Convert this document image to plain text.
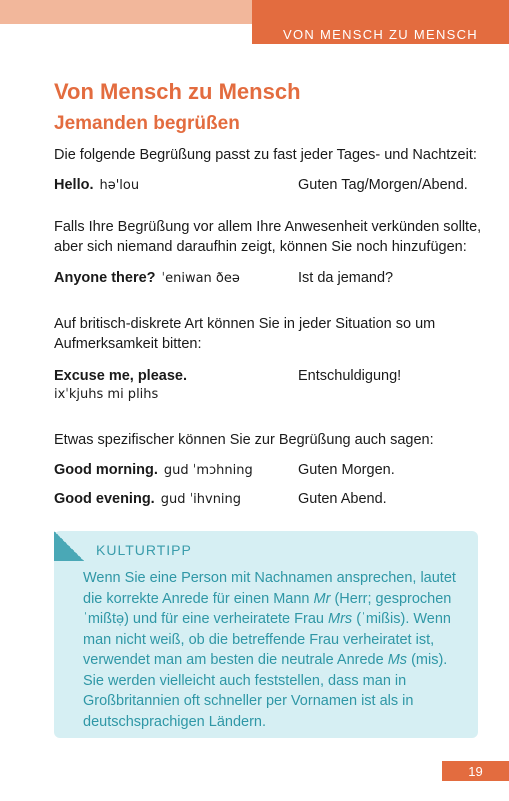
VON MENSCH ZU MENSCH
Von Mensch zu Mensch
Jemanden begrüßen

Die folgende Begrüßung passt zu fast jeder Tages- und Nachtzeit:

Hello. hə'lou	Guten Tag/Morgen/Abend.

Falls Ihre Begrüßung vor allem Ihre Anwesenheit verkünden sollte, aber sich niemand daraufhin zeigt, können Sie noch hinzufügen:

Anyone there? ˈeniwan ðeə	Ist da jemand?

Auf britisch-diskrete Art können Sie in jeder Situation so um Aufmerksamkeit bitten:

Excuse me, please.	Entschuldigung!
ixˈkjuhs mi plihs

Etwas spezifischer können Sie zur Begrüßung auch sagen:

Good morning. gud ˈmɔhning	Guten Morgen.
Good evening. gud ˈihvning	Guten Abend.
KULTURTIPP

Wenn Sie eine Person mit Nachnamen ansprechen, lautet die korrekte Anrede für einen Mann Mr (Herr; gesprochen ˈmißtə̣) und für eine verheiratete Frau Mrs (ˈmißis). Wenn man nicht weiß, ob die betreffende Frau verheiratet ist, verwendet man am besten die neutrale Anrede Ms (mis). Sie werden vielleicht auch feststellen, dass man in Großbritannien oft schneller per Vornamen ist als in deutschsprachigen Ländern.

19
